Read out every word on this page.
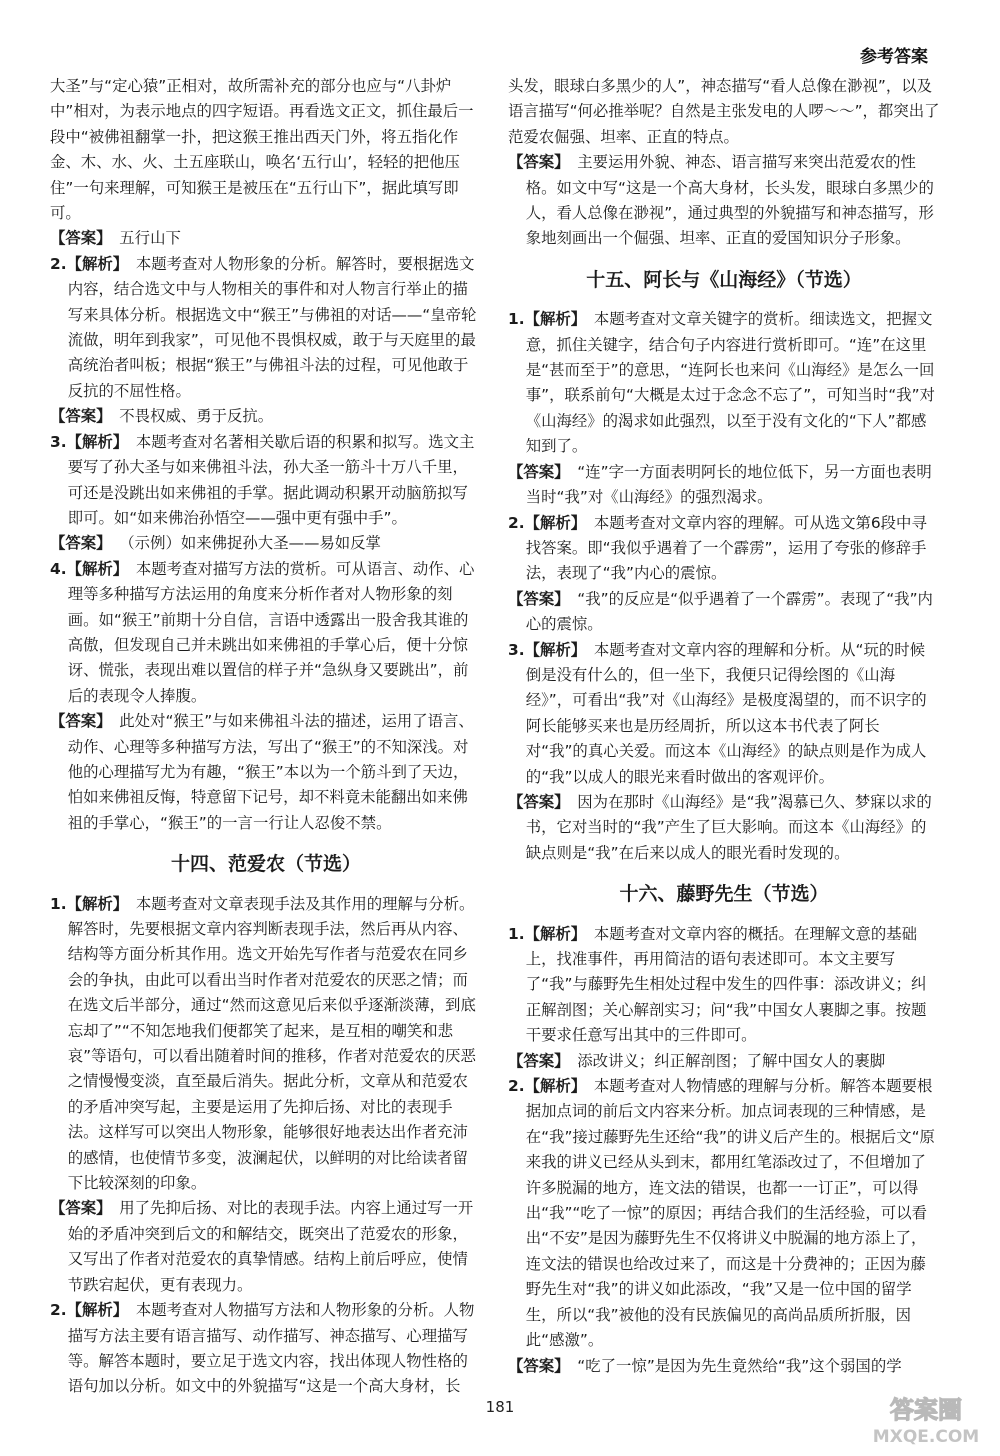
参考答案

大圣”与“定心猿”正相对，故所需补充的部分也应与“八卦炉中”相对，为表示地点的四字短语。再看选文正文，抓住最后一段中“被佛祖翻掌一扑，把这猴王推出西天门外，将五指化作金、木、水、火、土五座联山，唤名‘五行山’，轻轻的把他压住”一句来理解，可知猴王是被压在“五行山下”，据此填写即可。

【答案】  五行山下

2.【解析】  本题考查对人物形象的分析。解答时，要根据选文内容，结合选文中与人物相关的事件和对人物言行举止的描写来具体分析。根据选文中“猴王”与佛祖的对话——“皇帝轮流做，明年到我家”，可见他不畏惧权威，敢于与天庭里的最高统治者叫板；根据“猴王”与佛祖斗法的过程，可见他敢于反抗的不屈性格。

【答案】  不畏权威、勇于反抗。

3.【解析】  本题考查对名著相关歇后语的积累和拟写。选文主要写了孙大圣与如来佛祖斗法，孙大圣一筋斗十万八千里，可还是没跳出如来佛祖的手掌。据此调动积累开动脑筋拟写即可。如“如来佛治孙悟空——强中更有强中手”。

【答案】  （示例）如来佛捉孙大圣——易如反掌

4.【解析】  本题考查对描写方法的赏析。可从语言、动作、心理等多种描写方法运用的角度来分析作者对人物形象的刻画。如“猴王”前期十分自信，言语中透露出一股舍我其谁的高傲，但发现自己并未跳出如来佛祖的手掌心后，便十分惊讶、慌张，表现出难以置信的样子并“急纵身又要跳出”，前后的表现令人捧腹。

【答案】  此处对“猴王”与如来佛祖斗法的描述，运用了语言、动作、心理等多种描写方法，写出了“猴王”的不知深浅。对他的心理描写尤为有趣，“猴王”本以为一个筋斗到了天边，怕如来佛祖反悔，特意留下记号，却不料竟未能翻出如来佛祖的手掌心，“猴王”的一言一行让人忍俊不禁。

十四、范爱农（节选）

1.【解析】  本题考查对文章表现手法及其作用的理解与分析。解答时，先要根据文章内容判断表现手法，然后再从内容、结构等方面分析其作用。选文开始先写作者与范爱农在同乡会的争执，由此可以看出当时作者对范爱农的厌恶之情；而在选文后半部分，通过“然而这意见后来似乎逐渐淡薄，到底忘却了”“不知怎地我们便都笑了起来，是互相的嘲笑和悲哀”等语句，可以看出随着时间的推移，作者对范爱农的厌恶之情慢慢变淡，直至最后消失。据此分析，文章从和范爱农的矛盾冲突写起，主要是运用了先抑后扬、对比的表现手法。这样写可以突出人物形象，能够很好地表达出作者充沛的感情，也使情节多变，波澜起伏，以鲜明的对比给读者留下比较深刻的印象。

【答案】  用了先抑后扬、对比的表现手法。内容上通过写一开始的矛盾冲突到后文的和解结交，既突出了范爱农的形象，又写出了作者对范爱农的真挚情感。结构上前后呼应，使情节跌宕起伏，更有表现力。

2.【解析】  本题考查对人物描写方法和人物形象的分析。人物描写方法主要有语言描写、动作描写、神态描写、心理描写等。解答本题时，要立足于选文内容，找出体现人物性格的语句加以分析。如文中的外貌描写“这是一个高大身材，长

头发，眼球白多黑少的人”，神态描写“看人总像在渺视”，以及语言描写“何必推举呢？自然是主张发电的人啰～～”，都突出了范爱农倔强、坦率、正直的特点。

【答案】  主要运用外貌、神态、语言描写来突出范爱农的性格。如文中写“这是一个高大身材，长头发，眼球白多黑少的人，看人总像在渺视”，通过典型的外貌描写和神态描写，形象地刻画出一个倔强、坦率、正直的爱国知识分子形象。

十五、阿长与《山海经》（节选）

1.【解析】  本题考查对文章关键字的赏析。细读选文，把握文意，抓住关键字，结合句子内容进行赏析即可。“连”在这里是“甚而至于”的意思，“连阿长也来问《山海经》是怎么一回事”，联系前句“大概是太过于念念不忘了”，可知当时“我”对《山海经》的渴求如此强烈，以至于没有文化的“下人”都感知到了。

【答案】  “连”字一方面表明阿长的地位低下，另一方面也表明当时“我”对《山海经》的强烈渴求。

2.【解析】  本题考查对文章内容的理解。可从选文第6段中寻找答案。即“我似乎遇着了一个霹雳”，运用了夸张的修辞手法，表现了“我”内心的震惊。

【答案】  “我”的反应是“似乎遇着了一个霹雳”。表现了“我”内心的震惊。

3.【解析】  本题考查对文章内容的理解和分析。从“玩的时候倒是没有什么的，但一坐下，我便只记得绘图的《山海经》”，可看出“我”对《山海经》是极度渴望的，而不识字的阿长能够买来也是历经周折，所以这本书代表了阿长对“我”的真心关爱。而这本《山海经》的缺点则是作为成人的“我”以成人的眼光来看时做出的客观评价。

【答案】  因为在那时《山海经》是“我”渴慕已久、梦寐以求的书，它对当时的“我”产生了巨大影响。而这本《山海经》的缺点则是“我”在后来以成人的眼光看时发现的。

十六、藤野先生（节选）

1.【解析】  本题考查对文章内容的概括。在理解文意的基础上，找准事件，再用简洁的语句表述即可。本文主要写了“我”与藤野先生相处过程中发生的四件事：添改讲义；纠正解剖图；关心解剖实习；问“我”中国女人裹脚之事。按题干要求任意写出其中的三件即可。

【答案】  添改讲义；纠正解剖图；了解中国女人的裹脚

2.【解析】  本题考查对人物情感的理解与分析。解答本题要根据加点词的前后文内容来分析。加点词表现的三种情感，是在“我”接过藤野先生还给“我”的讲义后产生的。根据后文“原来我的讲义已经从头到末，都用红笔添改过了，不但增加了许多脱漏的地方，连文法的错误，也都一一订正”，可以得出“我”“吃了一惊”的原因；再结合我们的生活经验，可以看出“不安”是因为藤野先生不仅将讲义中脱漏的地方添上了，连文法的错误也给改过来了，而这是十分费神的；正因为藤野先生对“我”的讲义如此添改，“我”又是一位中国的留学生，所以“我”被他的没有民族偏见的高尚品质所折服，因此“感激”。

【答案】  “吃了一惊”是因为先生竟然给“我”这个弱国的学

181	答案圈
MXQE.COM
